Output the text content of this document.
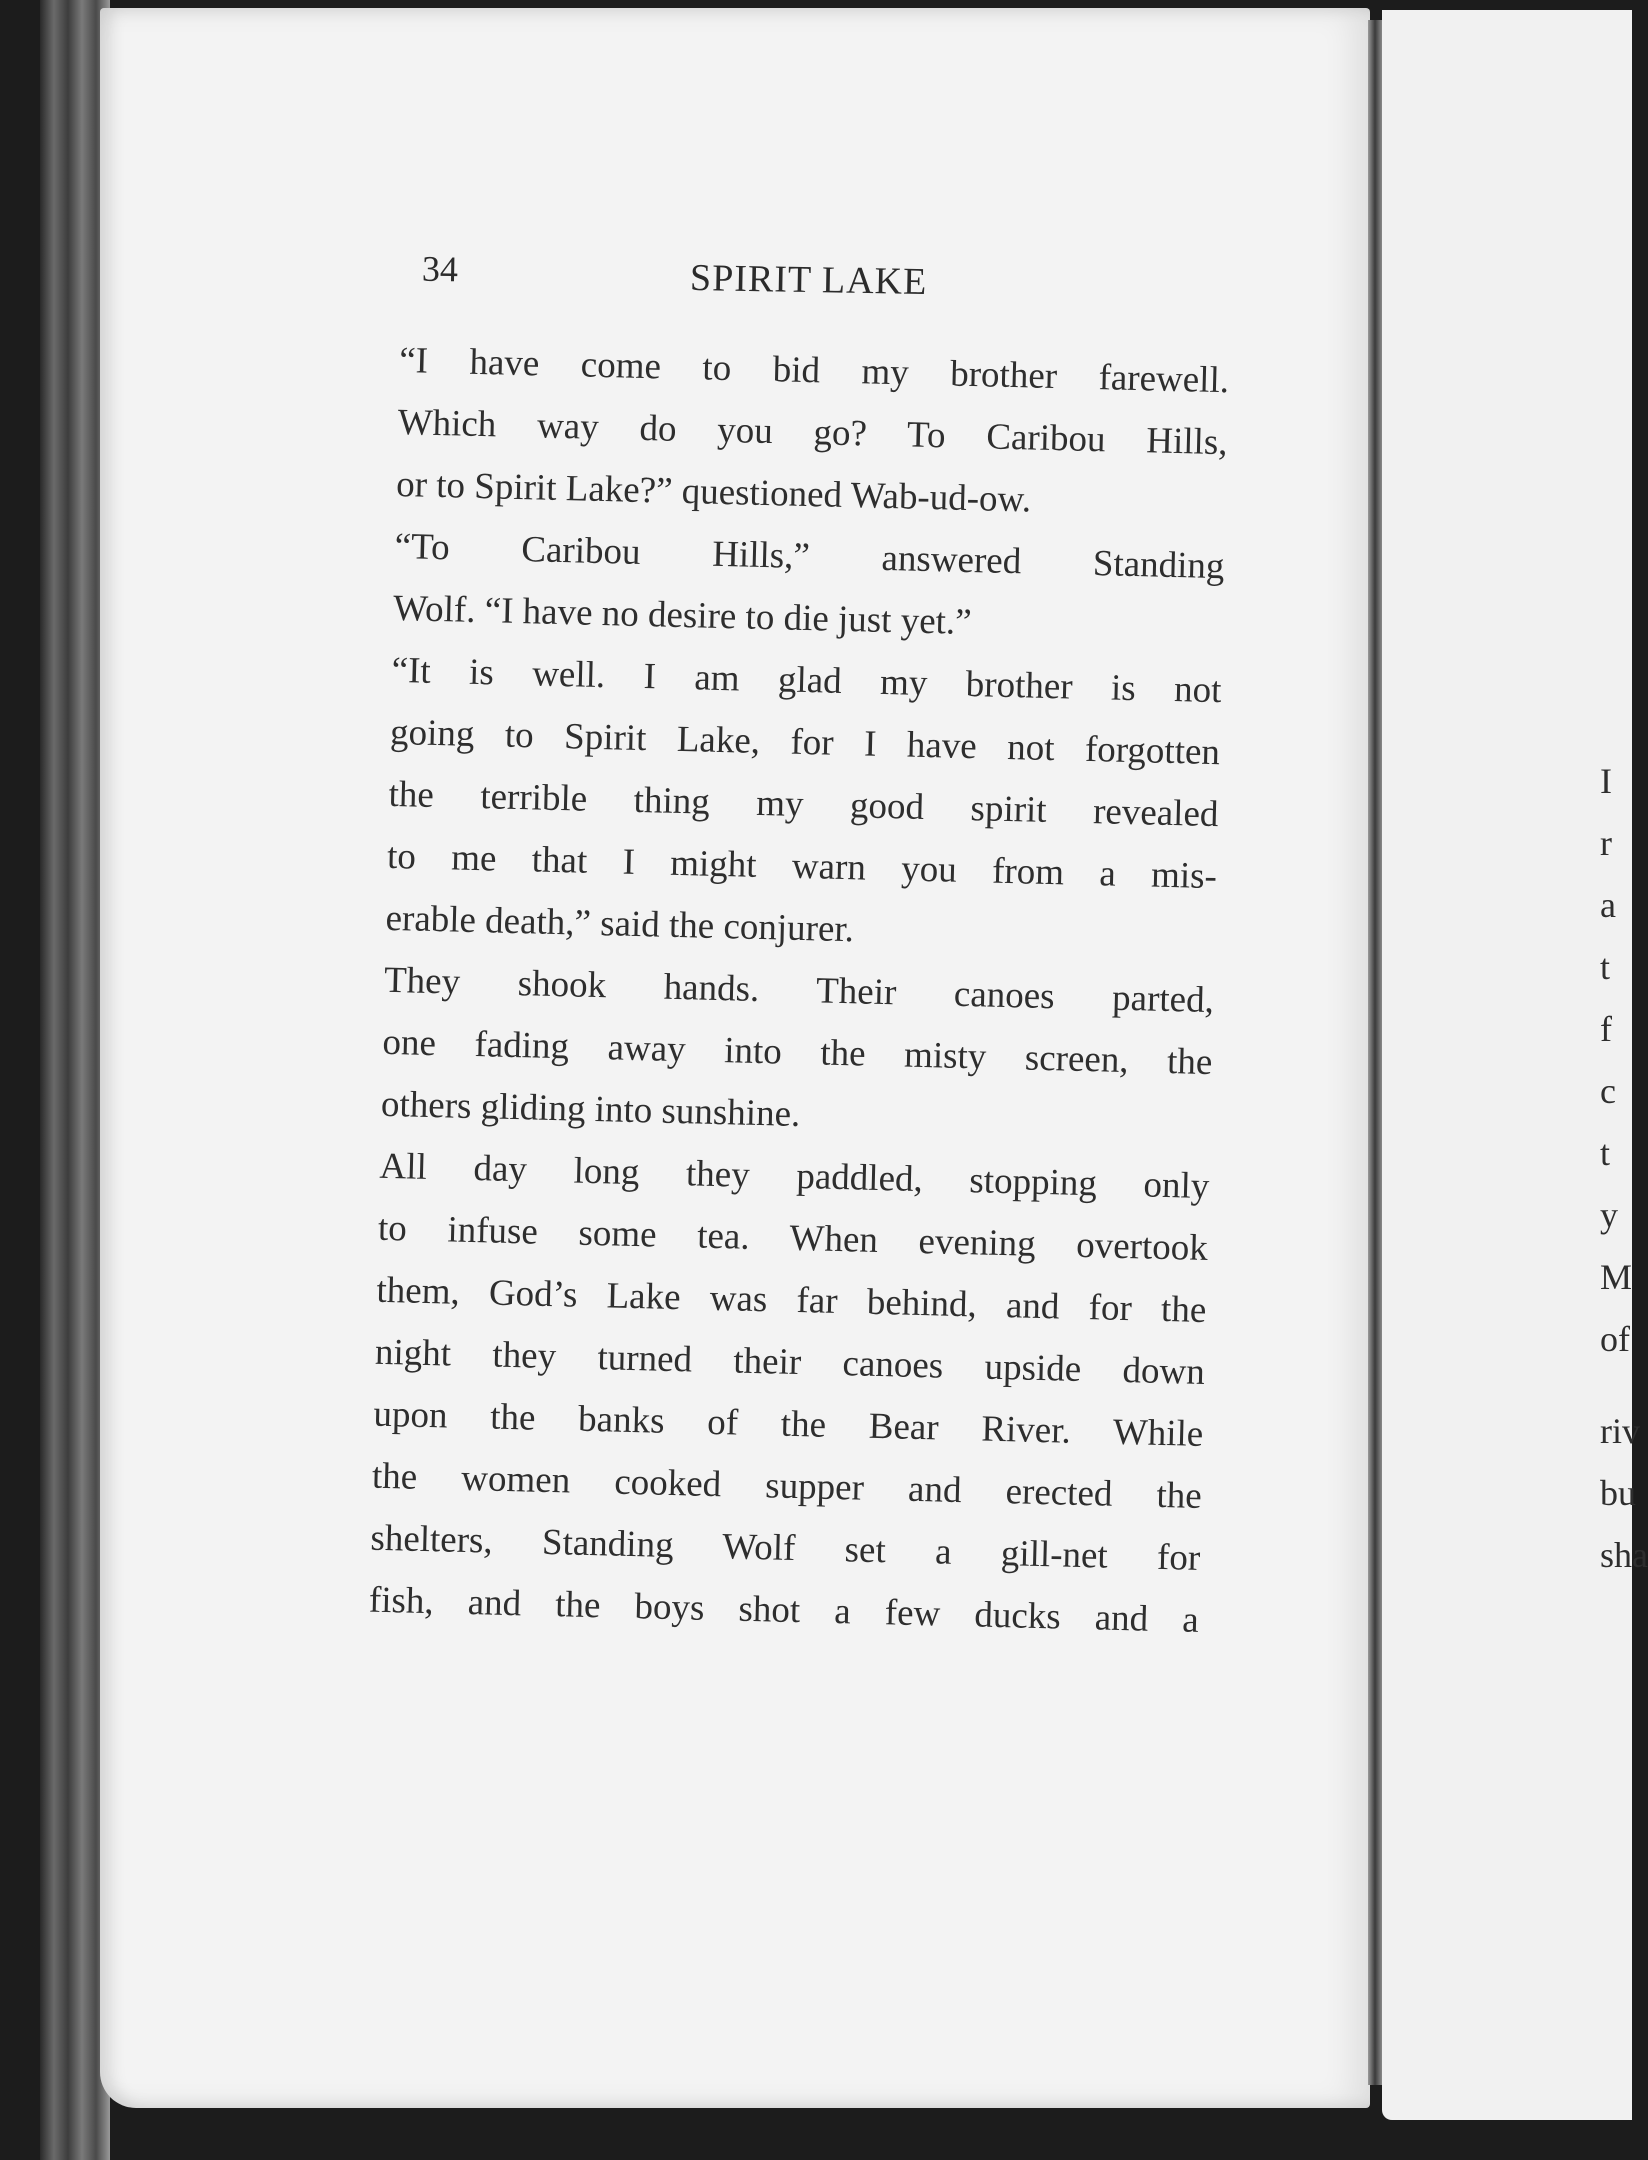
34	SPIRIT LAKE

“I have come to bid my brother farewell.
Which way do you go? To Caribou Hills,
or to Spirit Lake?” questioned Wab-ud-ow.

“To Caribou Hills,” answered Standing
Wolf. “I have no desire to die just yet.”

“It is well. I am glad my brother is not
going to Spirit Lake, for I have not forgotten
the terrible thing my good spirit revealed
to me that I might warn you from a mis-
erable death,” said the conjurer.

They shook hands. Their canoes parted,
one fading away into the misty screen, the
others gliding into sunshine.

All day long they paddled, stopping only
to infuse some tea. When evening overtook
them, God’s Lake was far behind, and for the
night they turned their canoes upside down
upon the banks of the Bear River. While
the women cooked supper and erected the
shelters, Standing Wolf set a gill-net for
fish, and the boys shot a few ducks and a

I
r
a
t
f
c
t
y
M
of
riv
bu
sha
